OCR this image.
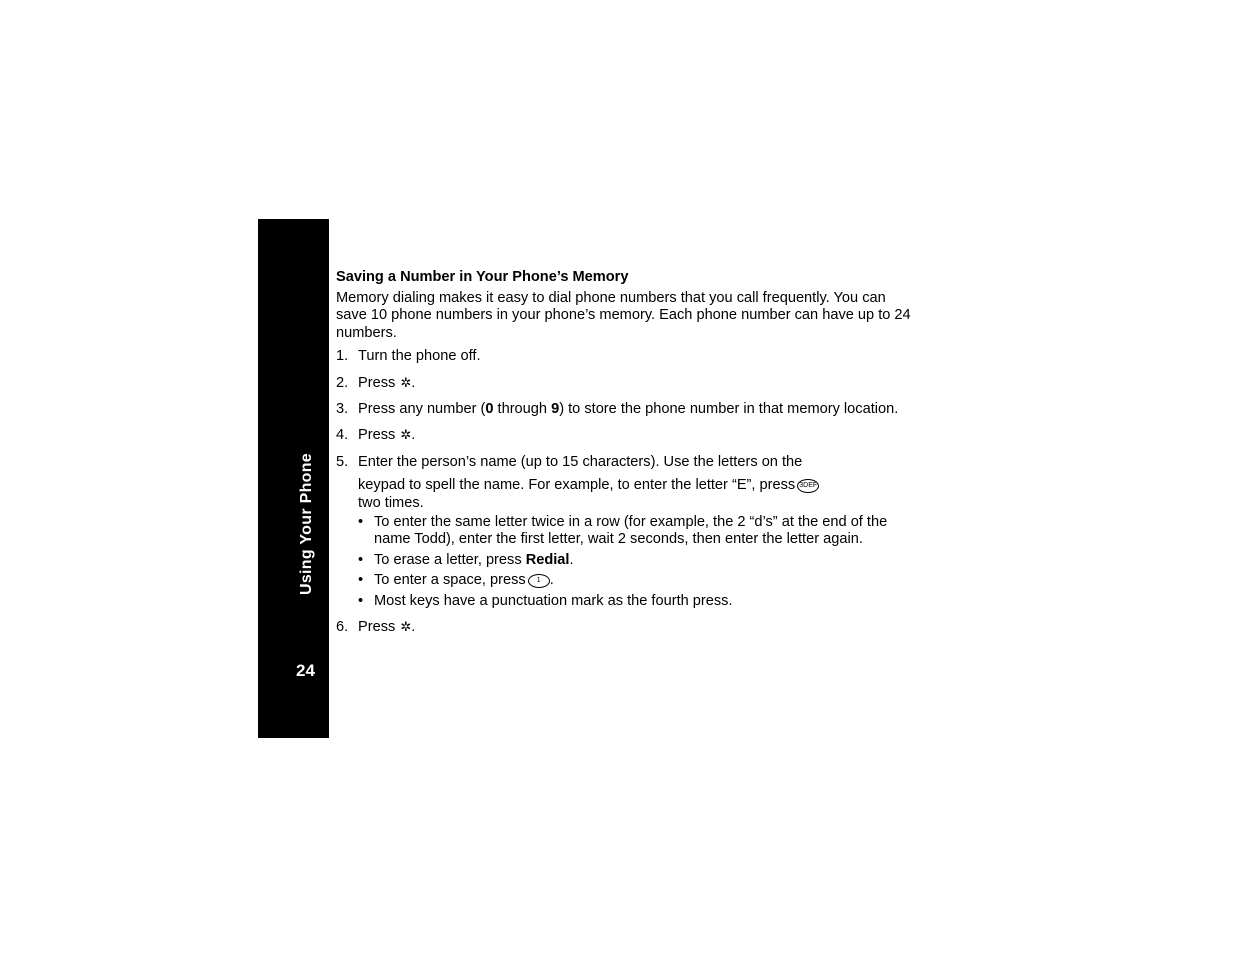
Using Your Phone
24
Saving a Number in Your Phone’s Memory
Memory dialing makes it easy to dial phone numbers that you call frequently. You can save 10 phone numbers in your phone’s memory. Each phone number can have up to 24 numbers.
1. Turn the phone off.
2. Press ✲.
3. Press any number (0 through 9) to store the phone number in that memory location.
4. Press ✲.
5. Enter the person’s name (up to 15 characters). Use the letters on the
keypad to spell the name. For example, to enter the letter “E”, press 3DEF
two times.
• To enter the same letter twice in a row (for example, the 2 “d’s” at the end of the name Todd), enter the first letter, wait 2 seconds, then enter the letter again.
• To erase a letter, press Redial.
• To enter a space, press 1 .
• Most keys have a punctuation mark as the fourth press.
6. Press ✲.
